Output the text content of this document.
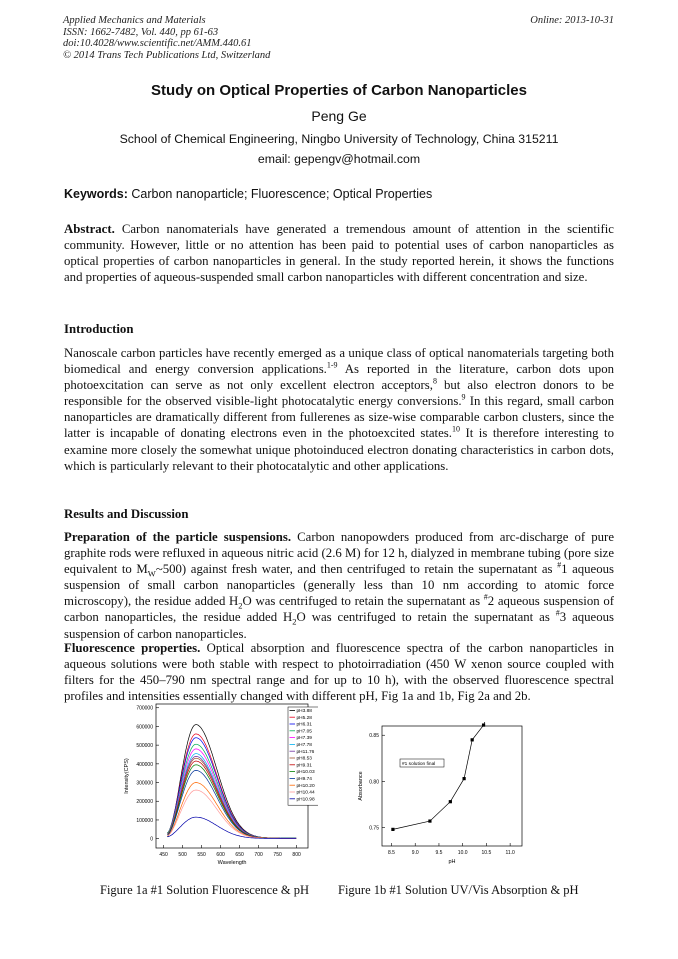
Applied Mechanics and Materials
ISSN: 1662-7482, Vol. 440, pp 61-63
doi:10.4028/www.scientific.net/AMM.440.61
© 2014 Trans Tech Publications Ltd, Switzerland
Online: 2013-10-31
Study on Optical Properties of Carbon Nanoparticles
Peng Ge
School of Chemical Engineering, Ningbo University of Technology, China 315211
email: gepengv@hotmail.com
Keywords: Carbon nanoparticle; Fluorescence; Optical Properties

Abstract. Carbon nanomaterials have generated a tremendous amount of attention in the scientific community. However, little or no attention has been paid to potential uses of carbon nanoparticles as optical properties of carbon nanoparticles in general. In the study reported herein, it shows the functions and properties of aqueous-suspended small carbon nanoparticles with different concentration and size.

Introduction

Nanoscale carbon particles have recently emerged as a unique class of optical nanomaterials targeting both biomedical and energy conversion applications.$^{1-9}$ As reported in the literature, carbon dots upon photoexcitation can serve as not only excellent electron acceptors,$^8$ but also electron donors to be responsible for the observed visible-light photocatalytic energy conversions.$^9$ In this regard, small carbon nanoparticles are dramatically different from fullerenes as size-wise comparable carbon clusters, since the latter is incapable of donating electrons even in the photoexcited states.$^{10}$ It is therefore interesting to examine more closely the somewhat unique photoinduced electron donating characteristics in carbon dots, which is particularly relevant to their photocatalytic and other applications.

Results and Discussion

Preparation of the particle suspensions. Carbon nanopowders produced from arc-discharge of pure graphite rods were refluxed in aqueous nitric acid (2.6 M) for 12 h, dialyzed in membrane tubing (pore size equivalent to $M_W\sim 500$) against fresh water, and then centrifuged to retain the supernatant as #1 aqueous suspension of small carbon nanoparticles (generally less than 10 nm according to atomic force microscopy), the residue added $H_2O$ was centrifuged to retain the supernatant as #2 aqueous suspension of carbon nanoparticles, the residue added $H_2O$ was centrifuged to retain the supernatant as #3 aqueous suspension of carbon nanoparticles.

Fluorescence properties. Optical absorption and fluorescence spectra of the carbon nanoparticles in aqueous solutions were both stable with respect to photoirradiation (450 W xenon source coupled with filters for the 450–790 nm spectral range and for up to 10 h), with the observed fluorescence spectral profiles and intensities essentially changed with different pH, Fig 1a and 1b, Fig 2a and 2b.

0
100000
200000
300000
400000
500000
600000
700000
450 500 550 600 650 700 750 800
Wavelength
Intensity(CPS)
pH3.88
pH5.28
pH6.31
pH7.05
pH7.39
pH7.78
pH11.76
pH8.53
pH9.31
pH10.03
pH9.74
pH10.20
pH10.44
pH10.98
0.75
0.80
0.85
8.5	9.0	9.5	10.0	10.5	11.0
pH
Absorbance
#1 solution final
Figure 1a #1 Solution Fluorescence & pH Figure 1b #1 Solution UV/Vis Absorption & pH
